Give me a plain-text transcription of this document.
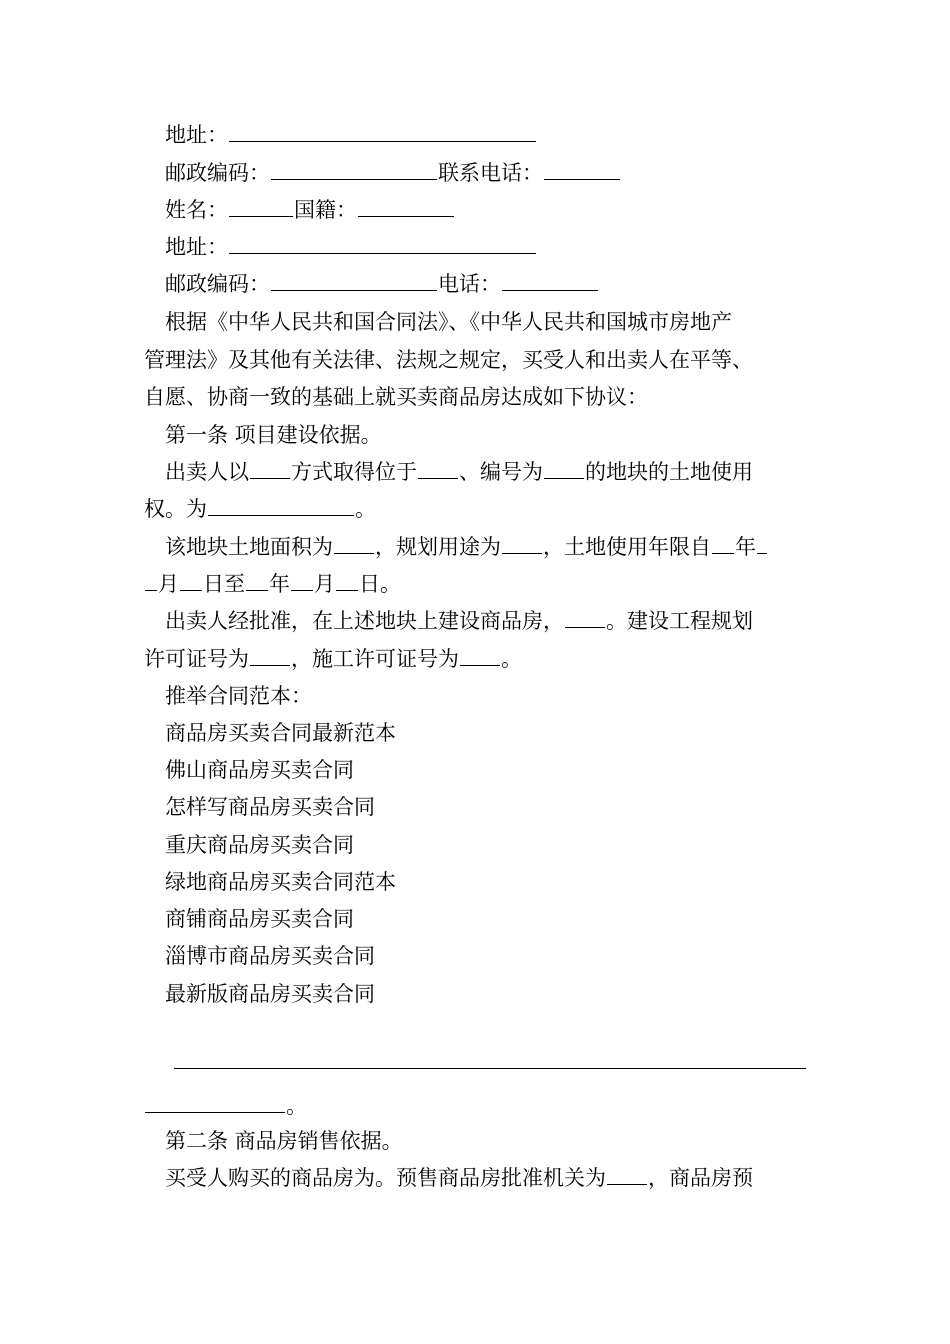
地址：
邮政编码：	联系电话：
姓名：	国籍：
地址：
邮政编码：	电话：
根据《中华人民共和国合同法》、《中华人民共和国城市房地产
管理法》及其他有关法律、法规之规定，买受人和出卖人在平等、
自愿、协商一致的基础上就买卖商品房达成如下协议：
第一条 项目建设依据。
出卖人以 方式取得位于 、编号为 的地块的土地使用
权。为	。
该地块土地面积为 ，规划用途为 ，土地使用年限自 年
月 日至 年 月 日。
出卖人经批准，在上述地块上建设商品房， 。建设工程规划
许可证号为 ，施工许可证号为 。
推举合同范本：
商品房买卖合同最新范本
佛山商品房买卖合同
怎样写商品房买卖合同
重庆商品房买卖合同
绿地商品房买卖合同范本
商铺商品房买卖合同
淄博市商品房买卖合同
最新版商品房买卖合同
。
第二条 商品房销售依据。
买受人购买的商品房为。预售商品房批准机关为 ，商品房预
